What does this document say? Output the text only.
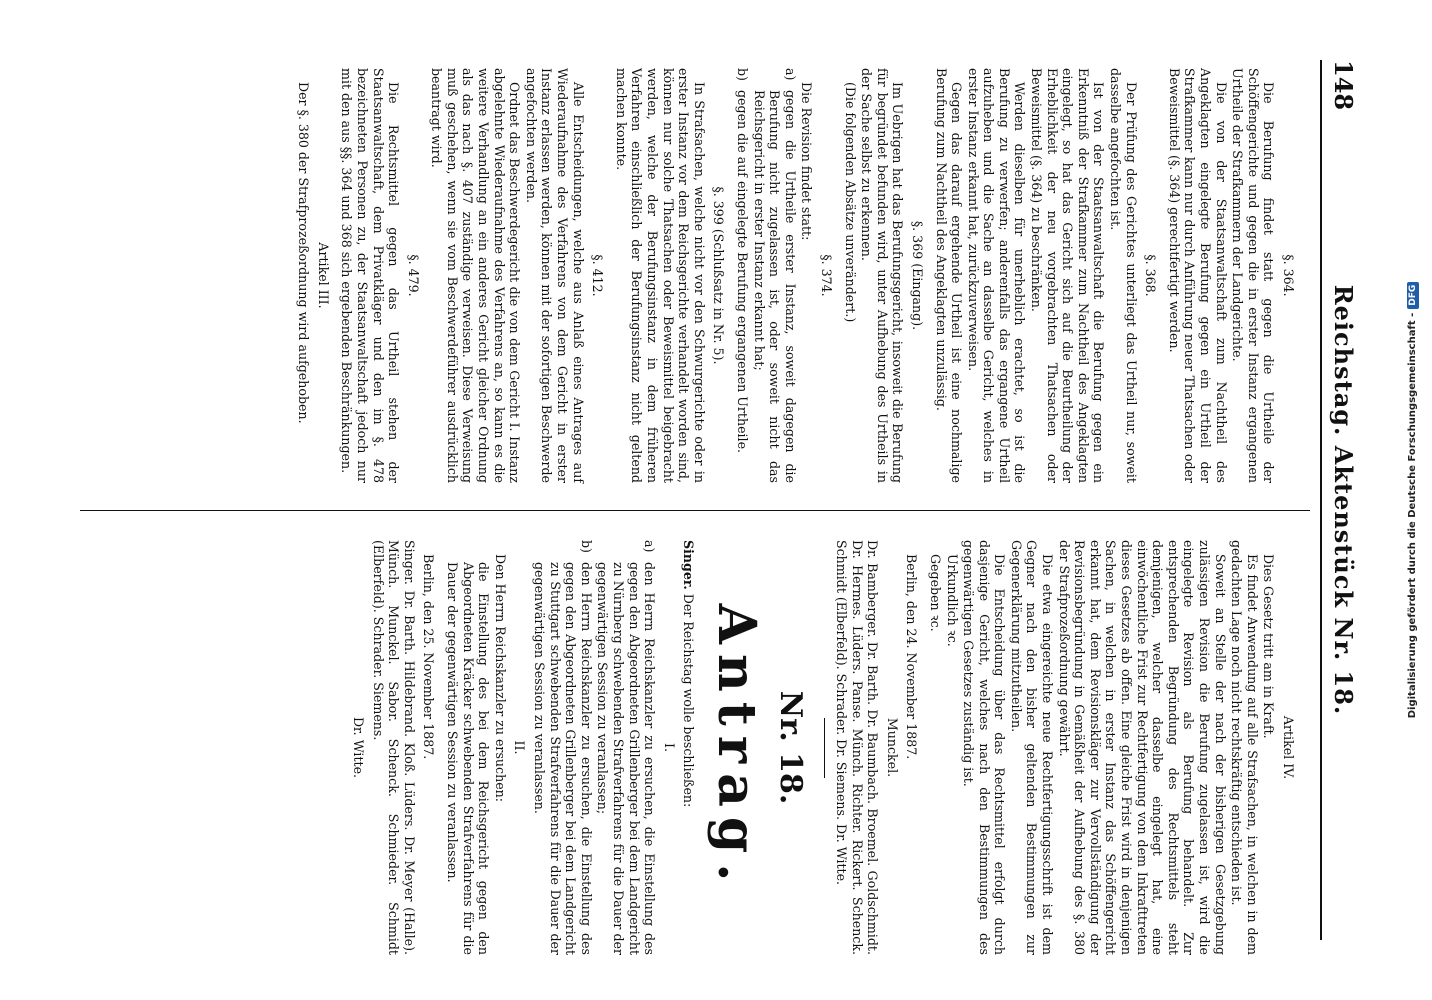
148
Reichstag. Aktenstück Nr. 18.

§. 364.

Die Berufung findet statt gegen die Urtheile der Schöffengerichte und gegen die in erster Instanz ergangenen Urtheile der Strafkammern der Landgerichte.

Die von der Staatsanwaltschaft zum Nachtheil des Angeklagten eingelegte Berufung gegen ein Urtheil der Strafkammer kann nur durch Anführung neuer Thatsachen oder Beweismittel (§. 364) gerechtfertigt werden.

§. 368.

Der Prüfung des Gerichtes unterliegt das Urtheil nur, soweit dasselbe angefochten ist.

Ist von der Staatsanwaltschaft die Berufung gegen ein Erkenntniß der Strafkammer zum Nachtheil des Angeklagten eingelegt, so hat das Gericht sich auf die Beurtheilung der Erheblichkeit der neu vorgebrachten Thatsachen oder Beweismittel (§. 364) zu beschränken.

Werden dieselben für unerheblich erachtet, so ist die Berufung zu verwerfen; anderenfalls das ergangene Urtheil aufzuheben und die Sache an dasselbe Gericht, welches in erster Instanz erkannt hat, zurückzuverweisen.

Gegen das darauf ergehende Urtheil ist eine nochmalige Berufung zum Nachtheil des Angeklagten unzulässig.

§. 369 (Eingang).

Im Uebrigen hat das Berufungsgericht, insoweit die Berufung für begründet befunden wird, unter Aufhebung des Urtheils in der Sache selbst zu erkennen.

(Die folgenden Absätze unverändert.)

§. 374.

Die Revision findet statt:

a)
gegen die Urtheile erster Instanz, soweit dagegen die Berufung nicht zugelassen ist, oder soweit nicht das Reichsgericht in erster Instanz erkannt hat;

b)
gegen die auf eingelegte Berufung ergangenen Urtheile.

§. 399 (Schlußsatz in Nr. 5).

In Strafsachen, welche nicht vor den Schwurgerichte oder in erster Instanz vor dem Reichsgerichte verhandelt worden sind, können nur solche Thatsachen oder Beweismittel beigebracht werden, welche der Berufungsinstanz in dem früheren Verfahren einschließlich der Berufungsinstanz nicht geltend machen konnte.

§. 412.

Alle Entscheidungen, welche aus Anlaß eines Antrages auf Wiederaufnahme des Verfahrens von dem Gericht in erster Instanz erlassen werden, können mit der sofortigen Beschwerde angefochten werden.

Ordnet das Beschwerdegericht die von dem Gericht I. Instanz abgelehnte Wiederaufnahme des Verfahrens an, so kann es die weitere Verhandlung an ein anderes Gericht gleicher Ordnung als das nach §. 407 zuständige verweisen. Diese Verweisung muß geschehen, wenn sie vom Beschwerdeführer ausdrücklich beantragt wird.

§. 479.

Die Rechtsmittel gegen das Urtheil stehen der Staatsanwaltschaft, dem Privatkläger und den im §. 478 bezeichneten Personen zu, der Staatsanwaltschaft jedoch nur mit den aus §§. 364 und 368 sich ergebenden Beschränkungen.

Artikel III.

Der §. 380 der Strafprozeßordnung wird aufgehoben.

Artikel IV.

Dies Gesetz tritt am in Kraft.

Es findet Anwendung auf alle Strafsachen, in welchen in dem gedachten Lage noch nicht rechtskräftig entschieden ist.

Soweit an Stelle der nach der bisherigen Gesetzgebung zulässigen Revision die Berufung zugelassen ist, wird die eingelegte Revision als Berufung behandelt. Zur entsprechenden Begründung des Rechtsmittels steht demjenigen, welcher dasselbe eingelegt hat, eine einwöchentliche Frist zur Rechtfertigung von dem Inkrafttreten dieses Gesetzes ab offen. Eine gleiche Frist wird in denjenigen Sachen, in welchen in erster Instanz das Schöffengericht erkannt hat, dem Revisionskläger zur Vervollständigung der Revisionsbegründung in Gemäßheit der Aufhebung des §. 380 der Strafprozeßordnung gewährt.

Die etwa eingereichte neue Rechtfertigungsschrift ist dem Gegner nach den bisher geltenden Bestimmungen zur Gegenerklärung mitzutheilen.

Die Entscheidung über das Rechtsmittel erfolgt durch dasjenige Gericht, welches nach den Bestimmungen des gegenwärtigen Gesetzes zuständig ist.

Urkundlich ꝛc.

Gegeben ꝛc.

Berlin, den 24. November 1887.

Munckel.

Dr. Bamberger. Dr. Barth. Dr. Baumbach. Broemel. Goldschmidt. Dr. Hermes. Lüders. Panse. Münch. Richter. Rickert. Schenck. Schmidt (Elberfeld). Schrader. Dr. Siemens. Dr. Witte.

Nr. 18.

Antrag.

Singer. Der Reichstag wolle beschließen:

I.

a)
den Herrn Reichskanzler zu ersuchen, die Einstellung des gegen den Abgeordneten Grillenberger bei dem Landgericht zu Nürnberg schwebenden Strafverfahrens für die Dauer der gegenwärtigen Session zu veranlassen;

b)
den Herrn Reichskanzler zu ersuchen, die Einstellung des gegen den Abgeordneten Grillenberger bei dem Landgericht zu Stuttgart schwebenden Strafverfahrens für die Dauer der gegenwärtigen Session zu veranlassen.

II.

Den Herrn Reichskanzler zu ersuchen:

die Einstellung des bei dem Reichsgericht gegen den Abgeordneten Kräcker schwebenden Strafverfahrens für die Dauer der gegenwärtigen Session zu veranlassen.

Berlin, den 25. November 1887.

Singer. Dr. Barth. Hildebrand. Kloß. Lüders. Dr. Meyer (Halle). Münch. Munckel. Sabor. Schenck. Schmieder. Schmidt (Elberfeld). Schrader. Siemens.

Dr. Witte.

Digitalisierung gefördert durch die Deutsche Forschungsgemeinschaft -DFG
